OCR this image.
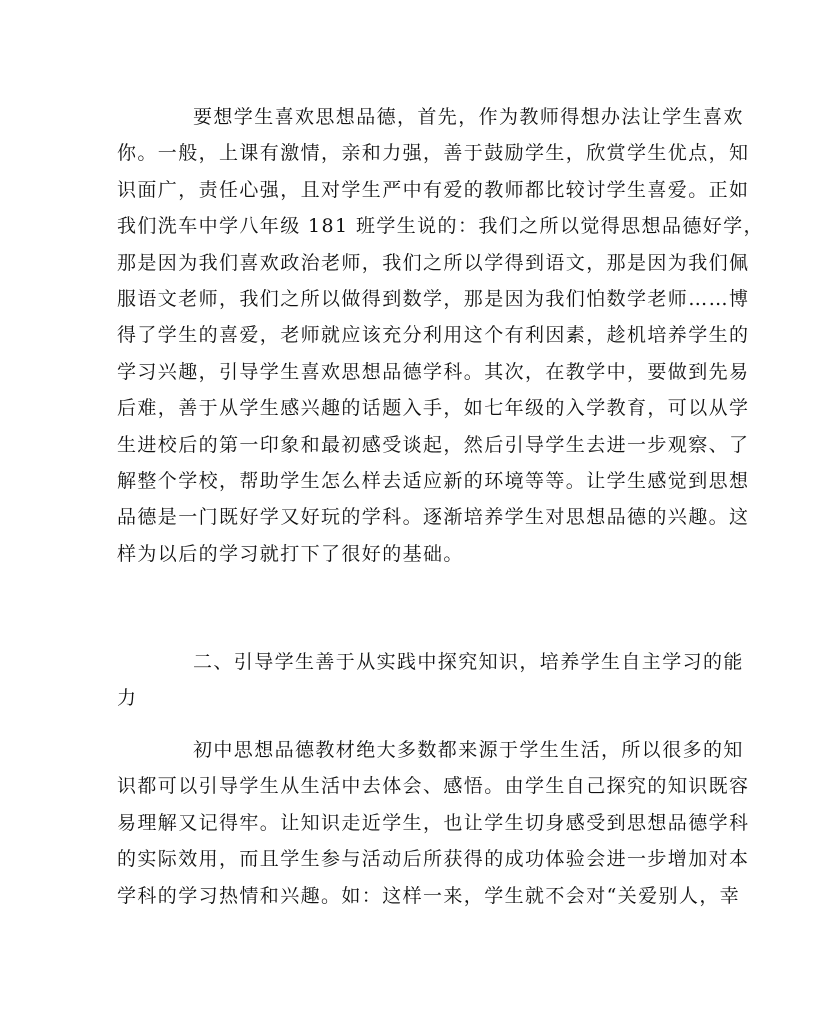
要想学生喜欢思想品德，首先，作为教师得想办法让学生喜欢
你。一般，上课有激情，亲和力强，善于鼓励学生，欣赏学生优点，知
识面广，责任心强，且对学生严中有爱的教师都比较讨学生喜爱。正如
我们洗车中学八年级 181 班学生说的：我们之所以觉得思想品德好学，
那是因为我们喜欢政治老师，我们之所以学得到语文，那是因为我们佩
服语文老师，我们之所以做得到数学，那是因为我们怕数学老师……博
得了学生的喜爱，老师就应该充分利用这个有利因素，趁机培养学生的
学习兴趣，引导学生喜欢思想品德学科。其次，在教学中，要做到先易
后难，善于从学生感兴趣的话题入手，如七年级的入学教育，可以从学
生进校后的第一印象和最初感受谈起，然后引导学生去进一步观察、了
解整个学校，帮助学生怎么样去适应新的环境等等。让学生感觉到思想
品德是一门既好学又好玩的学科。逐渐培养学生对思想品德的兴趣。这
样为以后的学习就打下了很好的基础。
二、引导学生善于从实践中探究知识，培养学生自主学习的能
力
初中思想品德教材绝大多数都来源于学生生活，所以很多的知
识都可以引导学生从生活中去体会、感悟。由学生自己探究的知识既容
易理解又记得牢。让知识走近学生，也让学生切身感受到思想品德学科
的实际效用，而且学生参与活动后所获得的成功体验会进一步增加对本
学科的学习热情和兴趣。如：这样一来，学生就不会对“关爱别人，幸
